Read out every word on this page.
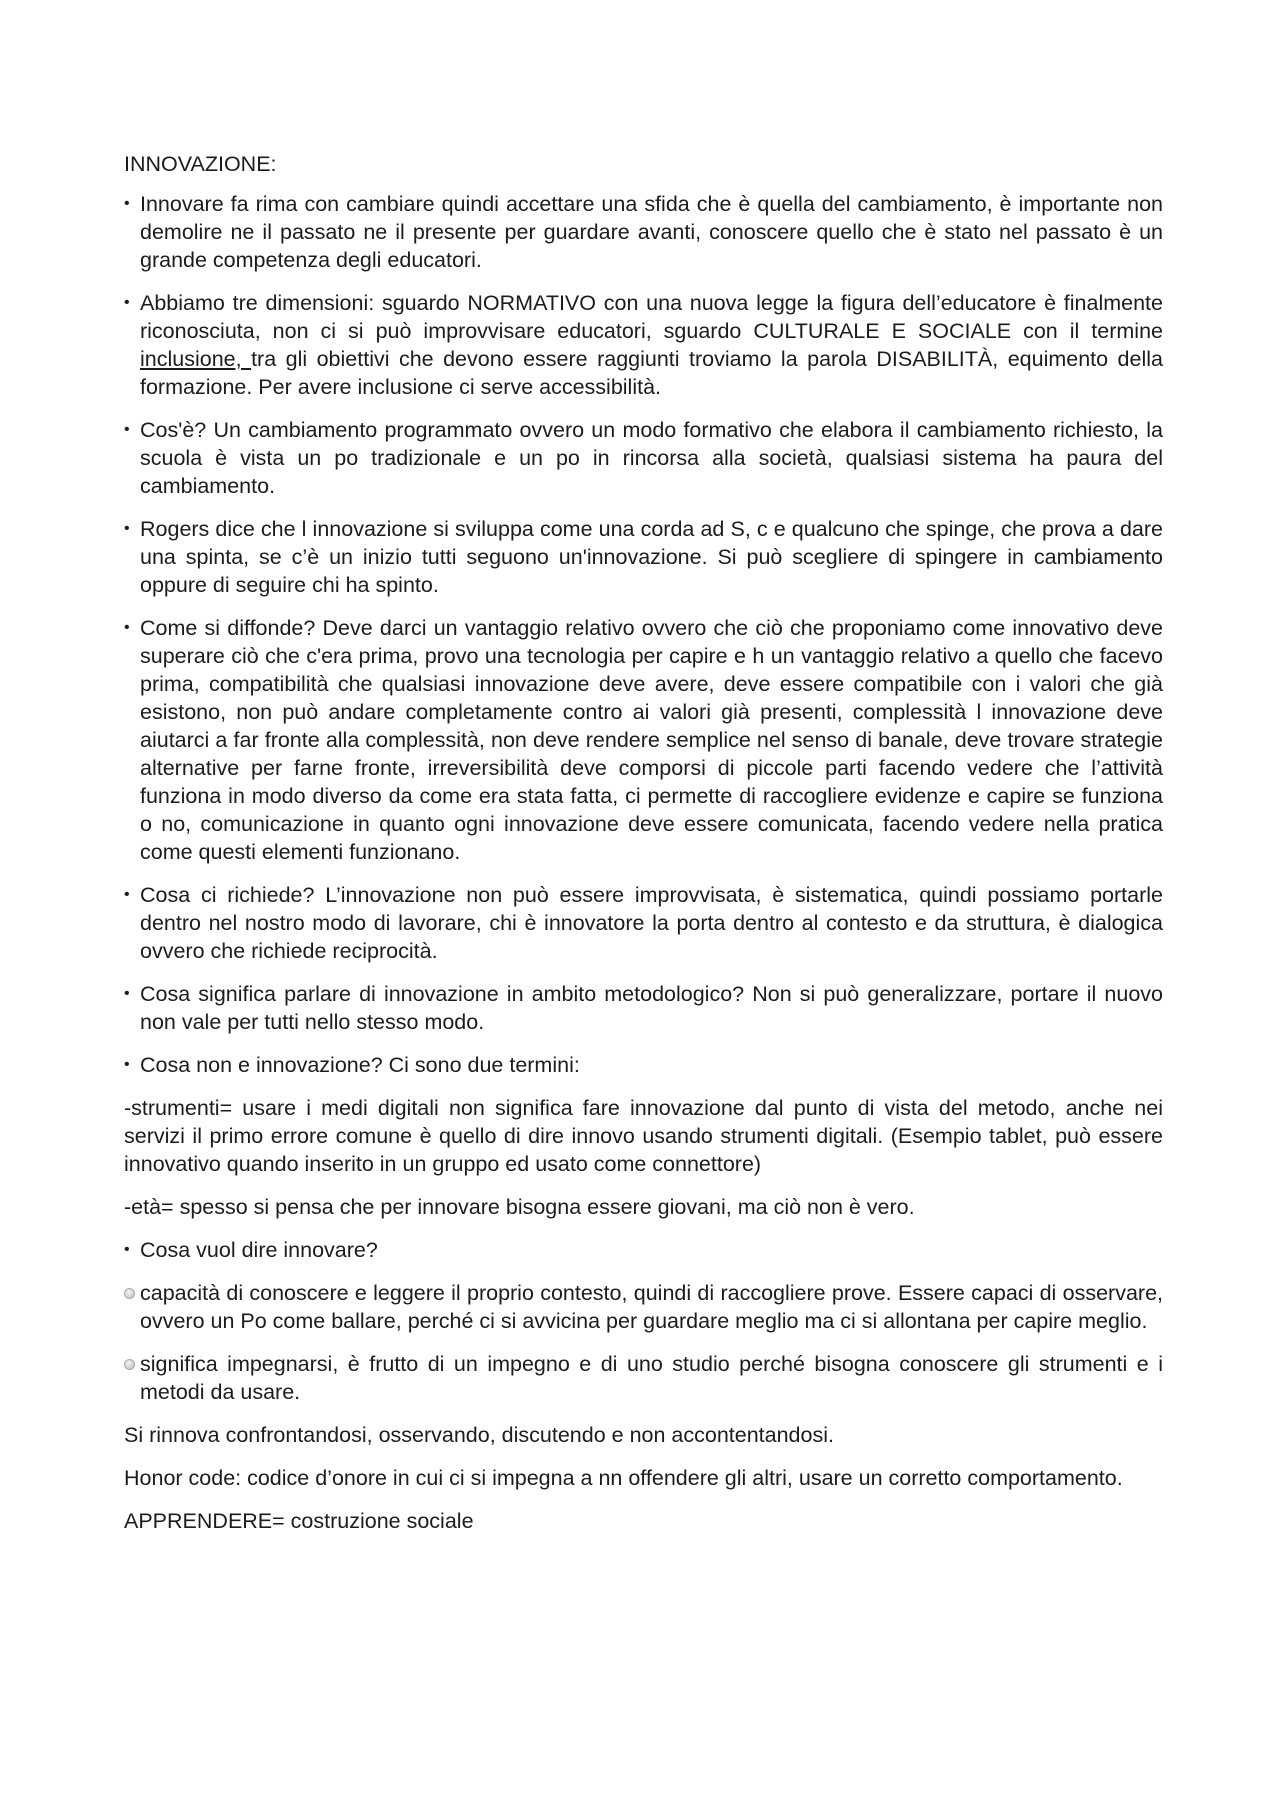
INNOVAZIONE:
• Innovare fa rima con cambiare quindi accettare una sfida che è quella del cambiamento, è importante non demolire ne il passato ne il presente per guardare avanti, conoscere quello che è stato nel passato è un grande competenza degli educatori.
• Abbiamo tre dimensioni: sguardo NORMATIVO con una nuova legge la figura dell’educatore è finalmente riconosciuta, non ci si può improvvisare educatori, sguardo CULTURALE E SOCIALE con il termine inclusione, tra gli obiettivi che devono essere raggiunti troviamo la parola DISABILITÀ, equimento della formazione. Per avere inclusione ci serve accessibilità.
• Cos'è? Un cambiamento programmato ovvero un modo formativo che elabora il cambiamento richiesto, la scuola è vista un po tradizionale e un po in rincorsa alla società, qualsiasi sistema ha paura del cambiamento.
• Rogers dice che l innovazione si sviluppa come una corda ad S, c e qualcuno che spinge, che prova a dare una spinta, se c’è un inizio tutti seguono un'innovazione. Si può scegliere di spingere in cambiamento oppure di seguire chi ha spinto.
• Come si diffonde? Deve darci un vantaggio relativo ovvero che ciò che proponiamo come innovativo deve superare ciò che c'era prima, provo una tecnologia per capire e h un vantaggio relativo a quello che facevo prima, compatibilità che qualsiasi innovazione deve avere, deve essere compatibile con i valori che già esistono, non può andare completamente contro ai valori già presenti, complessità l innovazione deve aiutarci a far fronte alla complessità, non deve rendere semplice nel senso di banale, deve trovare strategie alternative per farne fronte, irreversibilità deve comporsi di piccole parti facendo vedere che l’attività funziona in modo diverso da come era stata fatta, ci permette di raccogliere evidenze e capire se funziona o no, comunicazione in quanto ogni innovazione deve essere comunicata, facendo vedere nella pratica come questi elementi funzionano.
• Cosa ci richiede? L’innovazione non può essere improvvisata, è sistematica, quindi possiamo portarle dentro nel nostro modo di lavorare, chi è innovatore la porta dentro al contesto e da struttura, è dialogica ovvero che richiede reciprocità.
• Cosa significa parlare di innovazione in ambito metodologico? Non si può generalizzare, portare il nuovo non vale per tutti nello stesso modo.
• Cosa non e innovazione? Ci sono due termini:
-strumenti= usare i medi digitali non significa fare innovazione dal punto di vista del metodo, anche nei servizi il primo errore comune è quello di dire innovo usando strumenti digitali. (Esempio tablet, può essere innovativo quando inserito in un gruppo ed usato come connettore)
-età= spesso si pensa che per innovare bisogna essere giovani, ma ciò non è vero.
• Cosa vuol dire innovare?
capacità di conoscere e leggere il proprio contesto, quindi di raccogliere prove. Essere capaci di osservare, ovvero un Po come ballare, perché ci si avvicina per guardare meglio ma ci si allontana per capire meglio.
significa impegnarsi, è frutto di un impegno e di uno studio perché bisogna conoscere gli strumenti e i metodi da usare.
Si rinnova confrontandosi, osservando, discutendo e non accontentandosi.
Honor code: codice d’onore in cui ci si impegna a nn offendere gli altri, usare un corretto comportamento.
APPRENDERE= costruzione sociale
